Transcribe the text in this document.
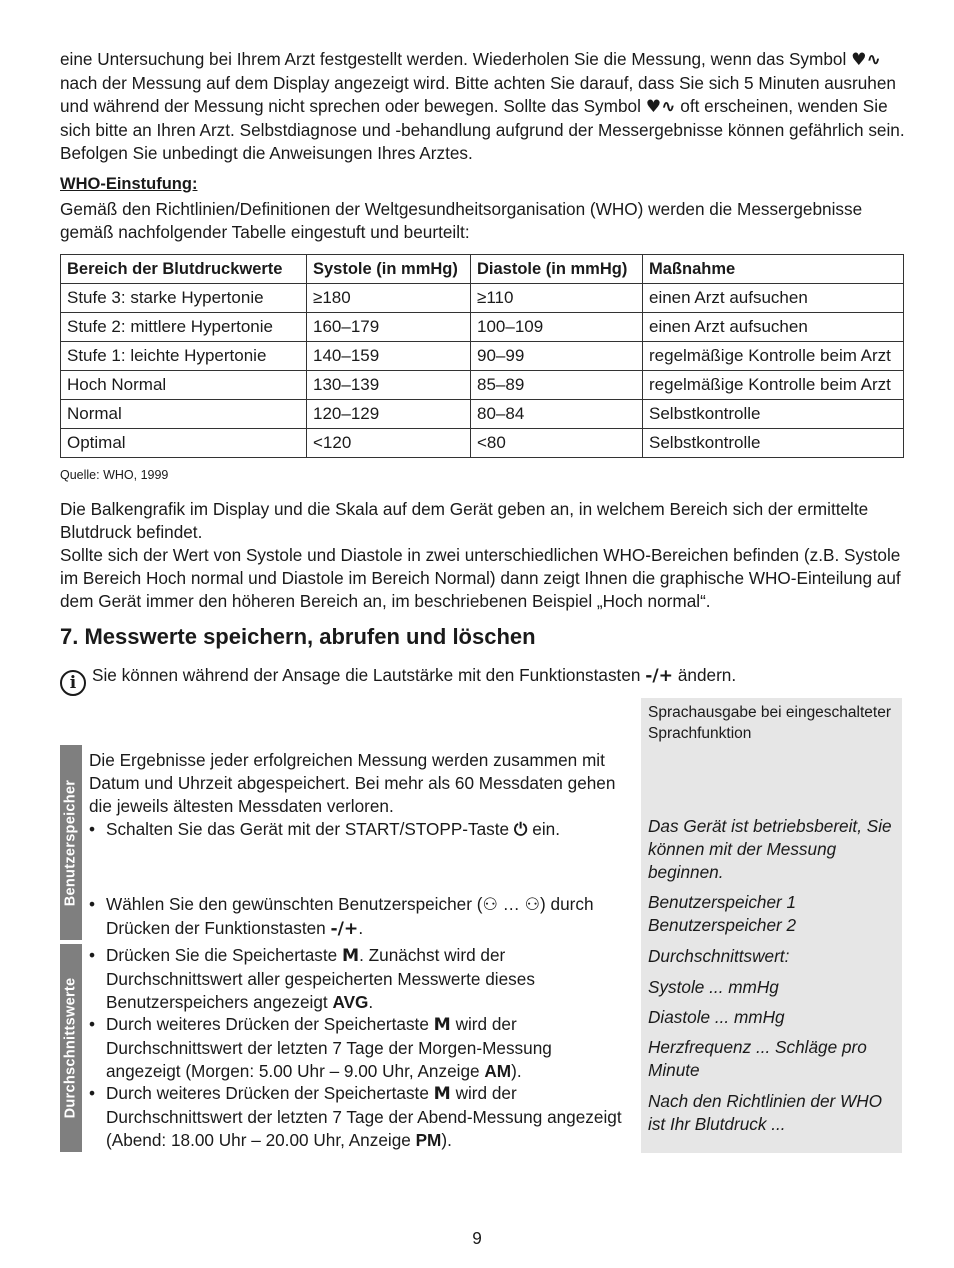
eine Untersuchung bei Ihrem Arzt festgestellt werden. Wiederholen Sie die Messung, wenn das Symbol ♥∿ nach der Messung auf dem Display angezeigt wird. Bitte achten Sie darauf, dass Sie sich 5 Minuten ausruhen und während der Messung nicht sprechen oder bewegen. Sollte das Symbol ♥∿ oft erscheinen, wenden Sie sich bitte an Ihren Arzt. Selbstdiagnose und -behandlung aufgrund der Messergebnisse können gefährlich sein. Befolgen Sie unbedingt die Anweisungen Ihres Arztes.

WHO-Einstufung:

Gemäß den Richtlinien/Definitionen der Weltgesundheitsorganisation (WHO) werden die Messergebnisse gemäß nachfolgender Tabelle eingestuft und beurteilt:

Bereich der Blutdruckwerte	Systole (in mmHg)	Diastole (in mmHg)	Maßnahme
Stufe 3: starke Hypertonie	≥180	≥110	einen Arzt aufsuchen
Stufe 2: mittlere Hypertonie	160–179	100–109	einen Arzt aufsuchen
Stufe 1: leichte Hypertonie	140–159	90–99	regelmäßige Kontrolle beim Arzt
Hoch Normal	130–139	85–89	regelmäßige Kontrolle beim Arzt
Normal	120–129	80–84	Selbstkontrolle
Optimal	<120	<80	Selbstkontrolle
Quelle: WHO, 1999

Die Balkengrafik im Display und die Skala auf dem Gerät geben an, in welchem Bereich sich der ermittelte Blutdruck befindet.

Sollte sich der Wert von Systole und Diastole in zwei unterschiedlichen WHO-Bereichen befinden (z.B. Systole im Bereich Hoch normal und Diastole im Bereich Normal) dann zeigt Ihnen die graphische WHO-Einteilung auf dem Gerät immer den höheren Bereich an, im beschriebenen Beispiel „Hoch normal“.

7. Messwerte speichern, abrufen und löschen
i Sie können während der Ansage die Lautstärke mit den Funktionstasten -/+ ändern.
Sprachausgabe bei eingeschalteter Sprachfunktion
Benutzerspeicher
Durchschnittswerte

Die Ergebnisse jeder erfolgreichen Messung werden zusammen mit Datum und Uhrzeit abgespeichert. Bei mehr als 60 Messdaten gehen die jeweils ältesten Messdaten verloren.

• Schalten Sie das Gerät mit der START/STOPP-Taste ⏻ ein.

• Wählen Sie den gewünschten Benutzerspeicher (⚇ … ⚇) durch Drücken der Funktionstasten -/+.

• Drücken Sie die Speichertaste M. Zunächst wird der Durchschnittswert aller gespeicherten Messwerte dieses Benutzerspeichers angezeigt AVG.

• Durch weiteres Drücken der Speichertaste M wird der Durchschnittswert der letzten 7 Tage der Morgen-Messung angezeigt (Morgen: 5.00 Uhr – 9.00 Uhr, Anzeige AM).

• Durch weiteres Drücken der Speichertaste M wird der Durchschnittswert der letzten 7 Tage der Abend-Messung angezeigt (Abend: 18.00 Uhr – 20.00 Uhr, Anzeige PM).

Das Gerät ist betriebsbereit, Sie können mit der Messung beginnen.

Benutzerspeicher 1

Benutzerspeicher 2

Durchschnittswert:

Systole ... mmHg

Diastole ... mmHg

Herzfrequenz ... Schläge pro Minute

Nach den Richtlinien der WHO ist Ihr Blutdruck ...

9
